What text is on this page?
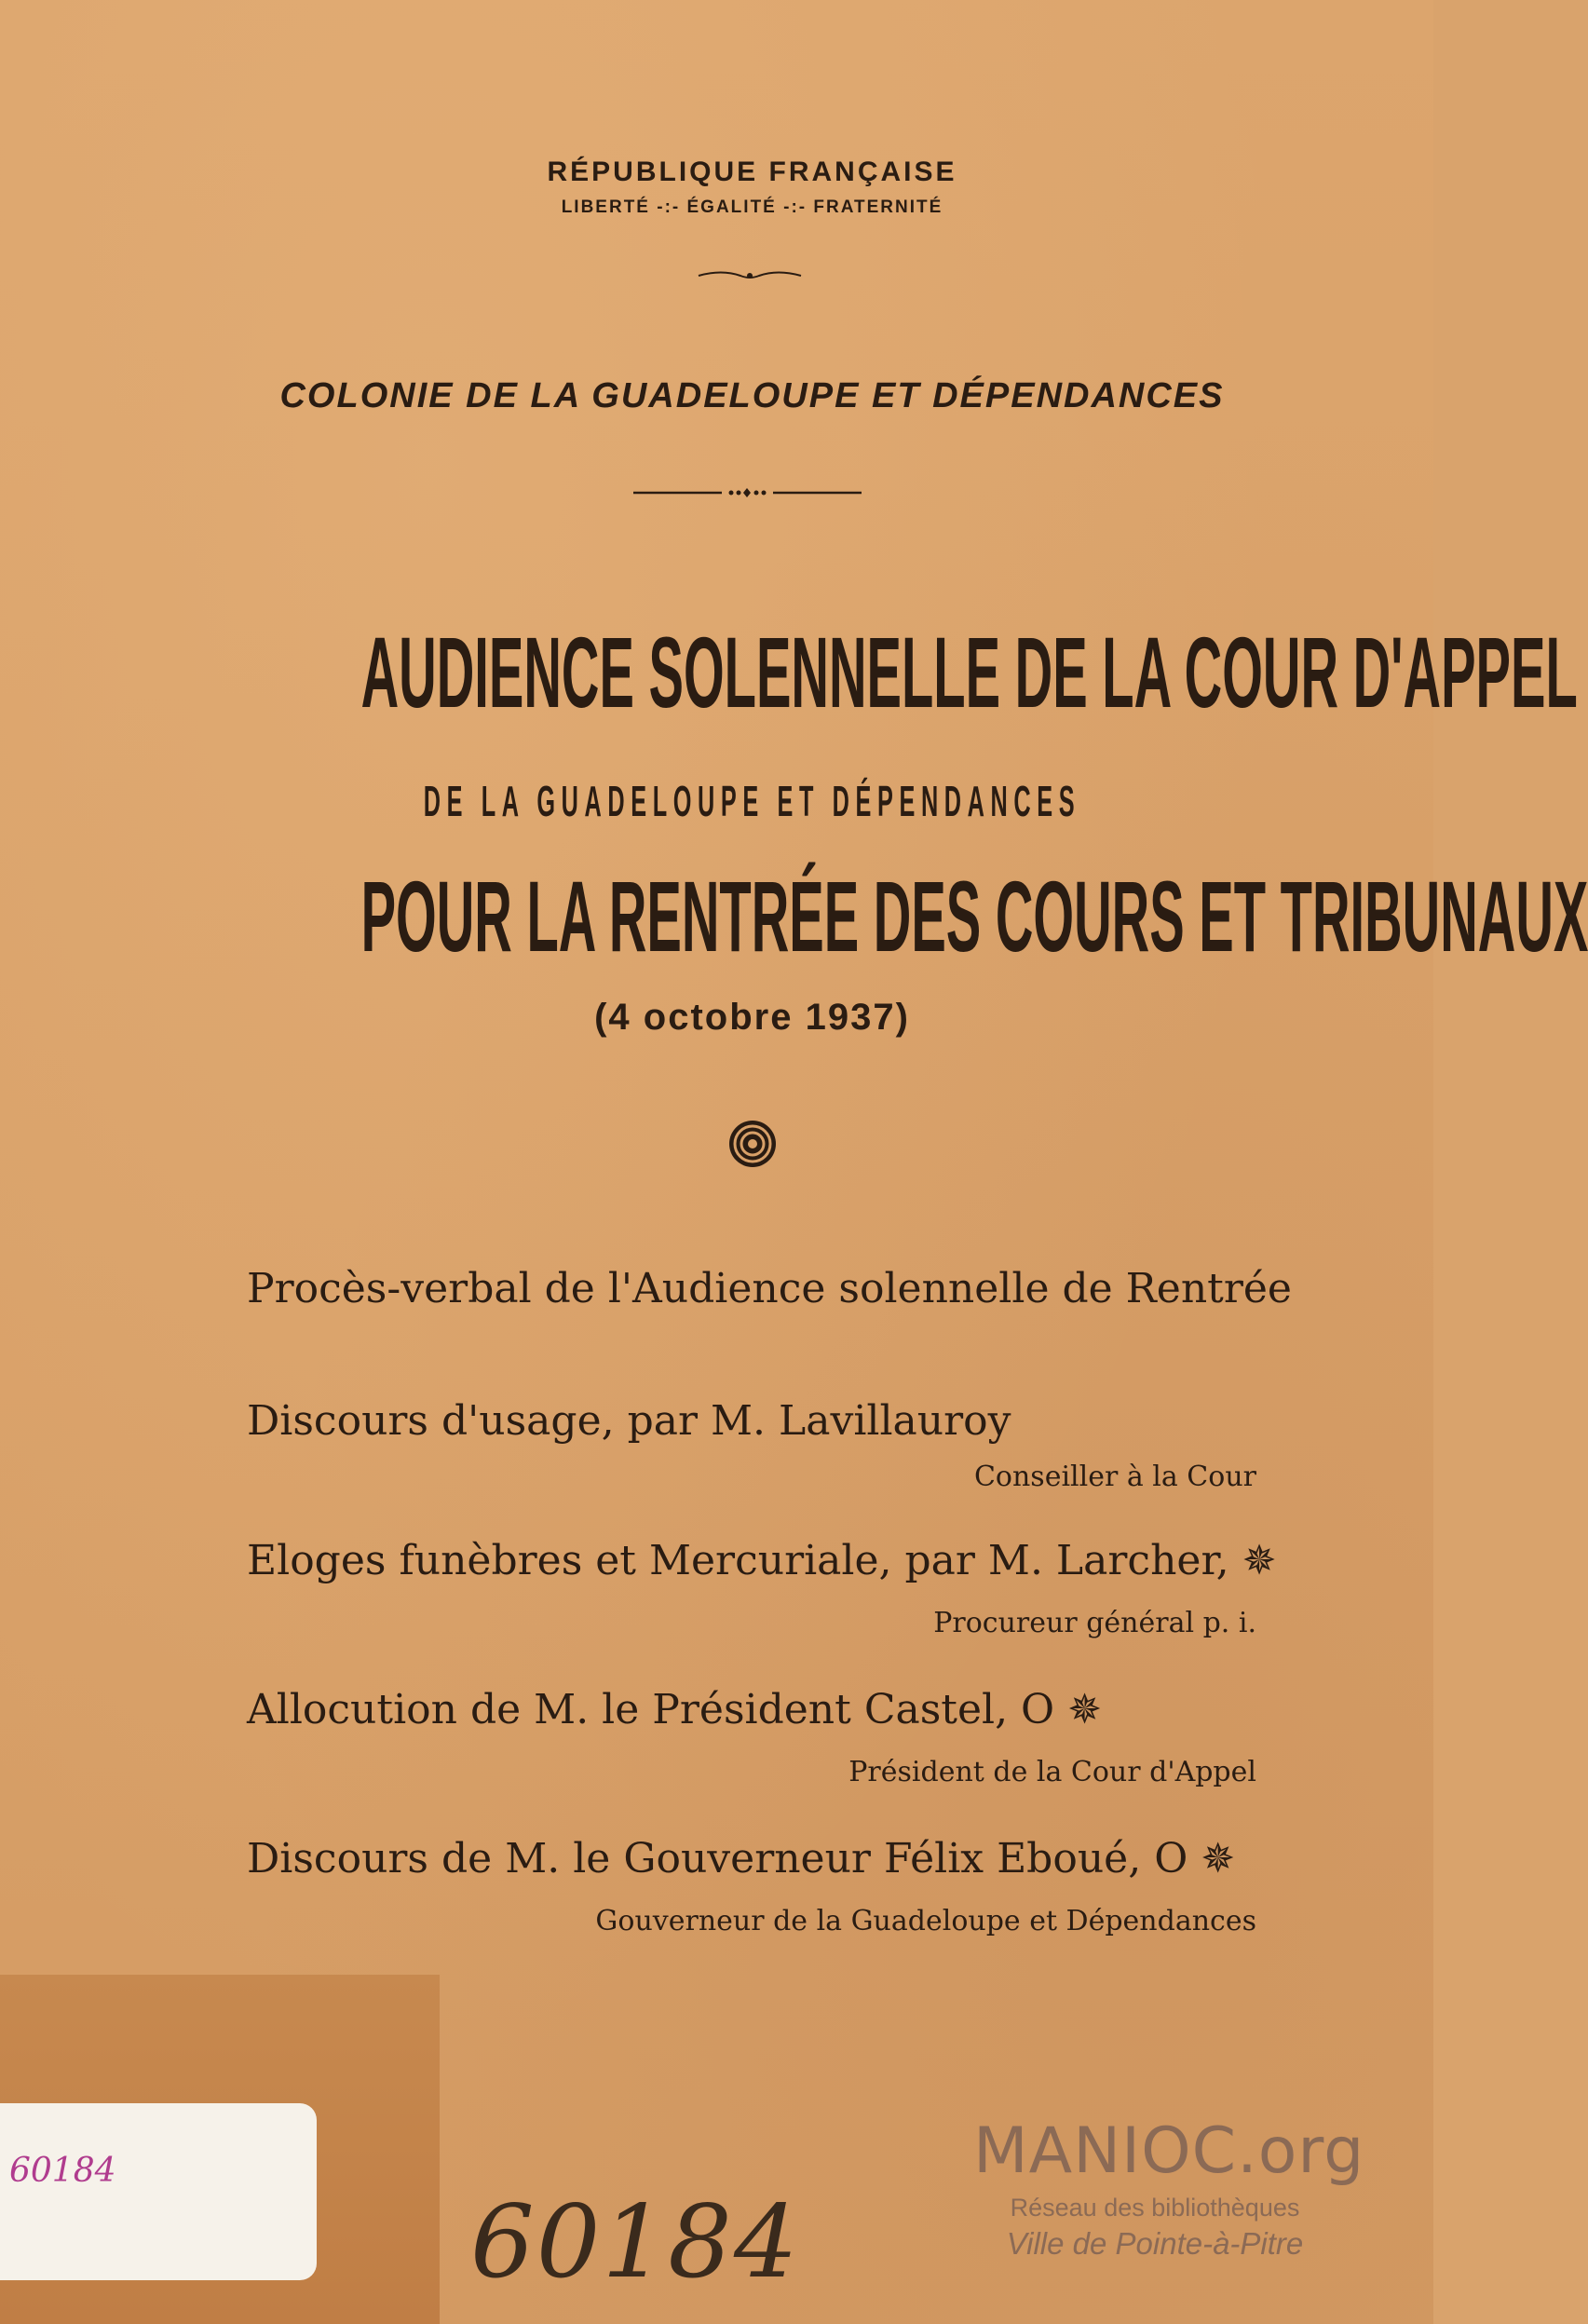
RÉPUBLIQUE FRANÇAISE
LIBERTÉ -:- ÉGALITÉ -:- FRATERNITÉ
COLONIE DE LA GUADELOUPE ET DÉPENDANCES
AUDIENCE SOLENNELLE DE LA COUR D'APPEL
DE LA GUADELOUPE ET DÉPENDANCES
POUR LA RENTRÉE DES COURS ET TRIBUNAUX
(4 octobre 1937)
Procès-verbal de l'Audience solennelle de Rentrée
Discours d'usage, par M. Lavillauroy
Conseiller à la Cour
Eloges funèbres et Mercuriale, par M. Larcher, ✵
Procureur général p. i.
Allocution de M. le Président Castel, O ✵
Président de la Cour d'Appel
Discours de M. le Gouverneur Félix Eboué, O ✵
Gouverneur de la Guadeloupe et Dépendances
60184
60184
MANIOC.org
Réseau des bibliothèques
Ville de Pointe-à-Pitre
